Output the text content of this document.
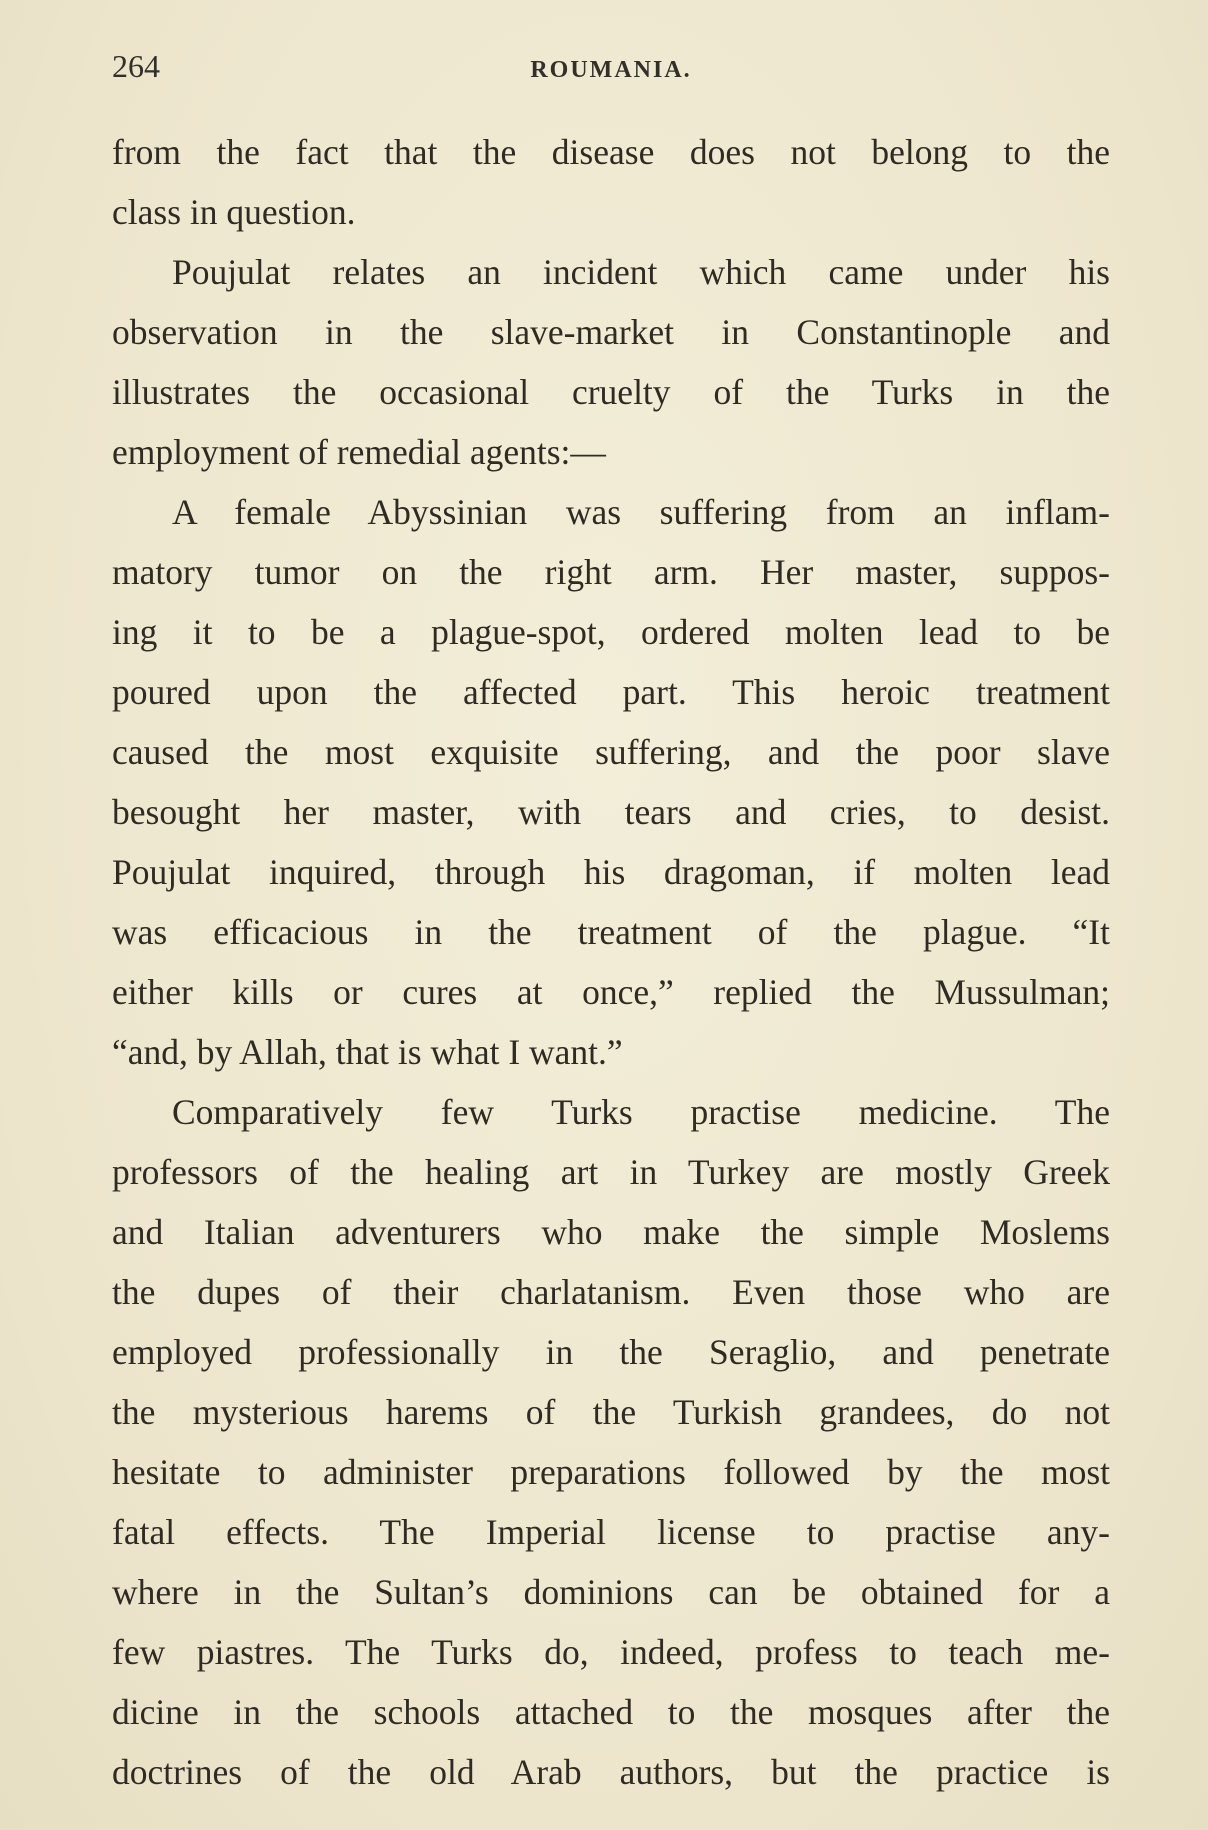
264	ROUMANIA.
from the fact that the disease does not belong to the
class in question.
Poujulat relates an incident which came under his
observation in the slave-market in Constantinople and
illustrates the occasional cruelty of the Turks in the
employment of remedial agents:—
A female Abyssinian was suffering from an inflam-
matory tumor on the right arm. Her master, suppos-
ing it to be a plague-spot, ordered molten lead to be
poured upon the affected part. This heroic treatment
caused the most exquisite suffering, and the poor slave
besought her master, with tears and cries, to desist.
Poujulat inquired, through his dragoman, if molten lead
was efficacious in the treatment of the plague. “It
either kills or cures at once,” replied the Mussulman;
“and, by Allah, that is what I want.”
Comparatively few Turks practise medicine. The
professors of the healing art in Turkey are mostly Greek
and Italian adventurers who make the simple Moslems
the dupes of their charlatanism. Even those who are
employed professionally in the Seraglio, and penetrate
the mysterious harems of the Turkish grandees, do not
hesitate to administer preparations followed by the most
fatal effects. The Imperial license to practise any-
where in the Sultan’s dominions can be obtained for a
few piastres. The Turks do, indeed, profess to teach me-
dicine in the schools attached to the mosques after the
doctrines of the old Arab authors, but the practice is
